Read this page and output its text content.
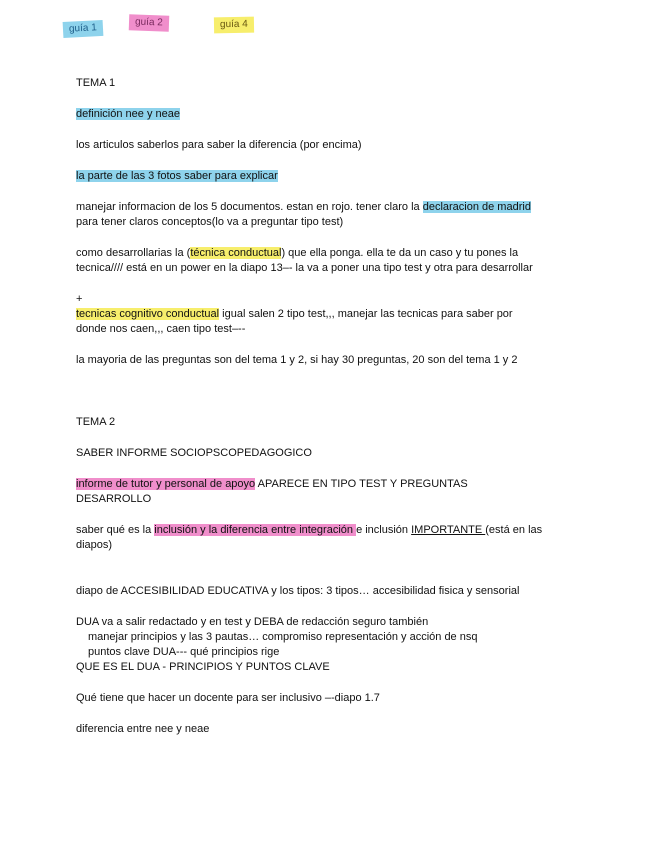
guía 1	guía 2	guía 4
TEMA 1
definición nee y neae
los articulos saberlos para saber la diferencia (por encima)
la parte de las 3 fotos saber para explicar
manejar informacion de los 5 documentos. estan en rojo. tener claro la declaracion de madrid
para tener claros conceptos(lo va a preguntar tipo test)
como desarrollarias la (técnica conductual) que ella ponga. ella te da un caso y tu pones la
tecnica//// está en un power en la diapo 13–- la va a poner una tipo test y otra para desarrollar
+
tecnicas cognitivo conductual igual salen 2 tipo test,,, manejar las tecnicas para saber por
donde nos caen,,, caen tipo test–--
la mayoria de las preguntas son del tema 1 y 2, si hay 30 preguntas, 20 son del tema 1 y 2
TEMA 2
SABER INFORME SOCIOPSCOPEDAGOGICO
informe de tutor y personal de apoyo APARECE EN TIPO TEST Y PREGUNTAS
DESARROLLO
saber qué es la inclusión y la diferencia entre integración e inclusión IMPORTANTE (está en las
diapos)
diapo de ACCESIBILIDAD EDUCATIVA y los tipos: 3 tipos… accesibilidad fisica y sensorial
DUA va a salir redactado y en test y DEBA de redacción seguro también
manejar principios y las 3 pautas… compromiso representación y acción de nsq
puntos clave DUA--- qué principios rige
QUE ES EL DUA - PRINCIPIOS Y PUNTOS CLAVE
Qué tiene que hacer un docente para ser inclusivo –-diapo 1.7
diferencia entre nee y neae
